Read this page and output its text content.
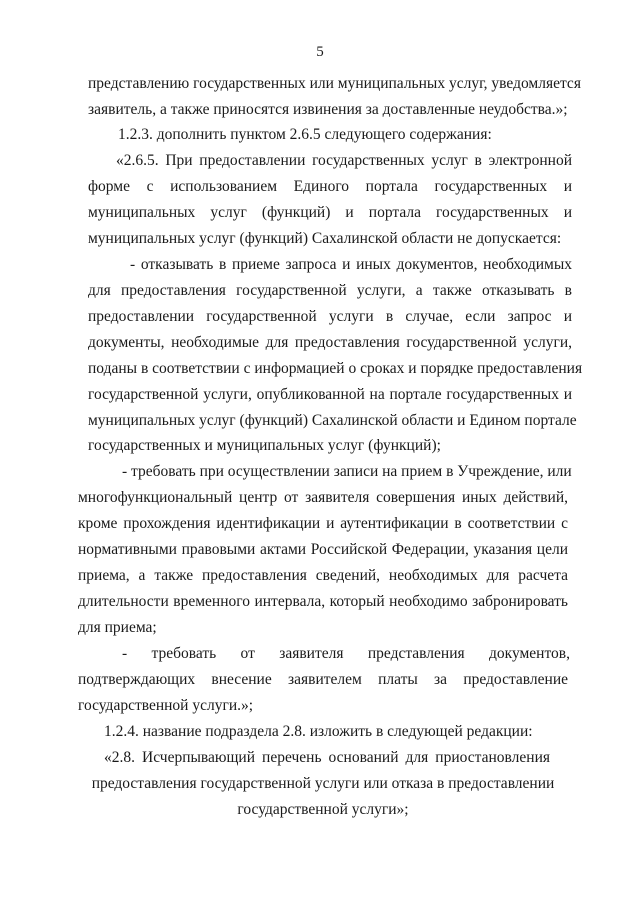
5
представлению государственных или муниципальных услуг, уведомляется
заявитель, а также приносятся извинения за доставленные неудобства.»;
1.2.3. дополнить пунктом 2.6.5 следующего содержания:
«2.6.5. При предоставлении государственных услуг в электронной
форме с использованием Единого портала государственных и
муниципальных услуг (функций) и портала государственных и
муниципальных услуг (функций) Сахалинской области не допускается:
- отказывать в приеме запроса и иных документов, необходимых
для предоставления государственной услуги, а также отказывать в
предоставлении государственной услуги в случае, если запрос и
документы, необходимые для предоставления государственной услуги,
поданы в соответствии с информацией о сроках и порядке предоставления
государственной услуги, опубликованной на портале государственных и
муниципальных услуг (функций) Сахалинской области и Едином портале
государственных и муниципальных услуг (функций);
- требовать при осуществлении записи на прием в Учреждение, или
многофункциональный центр от заявителя совершения иных действий,
кроме прохождения идентификации и аутентификации в соответствии с
нормативными правовыми актами Российской Федерации, указания цели
приема, а также предоставления сведений, необходимых для расчета
длительности временного интервала, который необходимо забронировать
для приема;
- требовать от заявителя представления документов,
подтверждающих внесение заявителем платы за предоставление
государственной услуги.»;
1.2.4. название подраздела 2.8. изложить в следующей редакции:
«2.8. Исчерпывающий перечень оснований для приостановления
предоставления государственной услуги или отказа в предоставлении
государственной услуги»;
